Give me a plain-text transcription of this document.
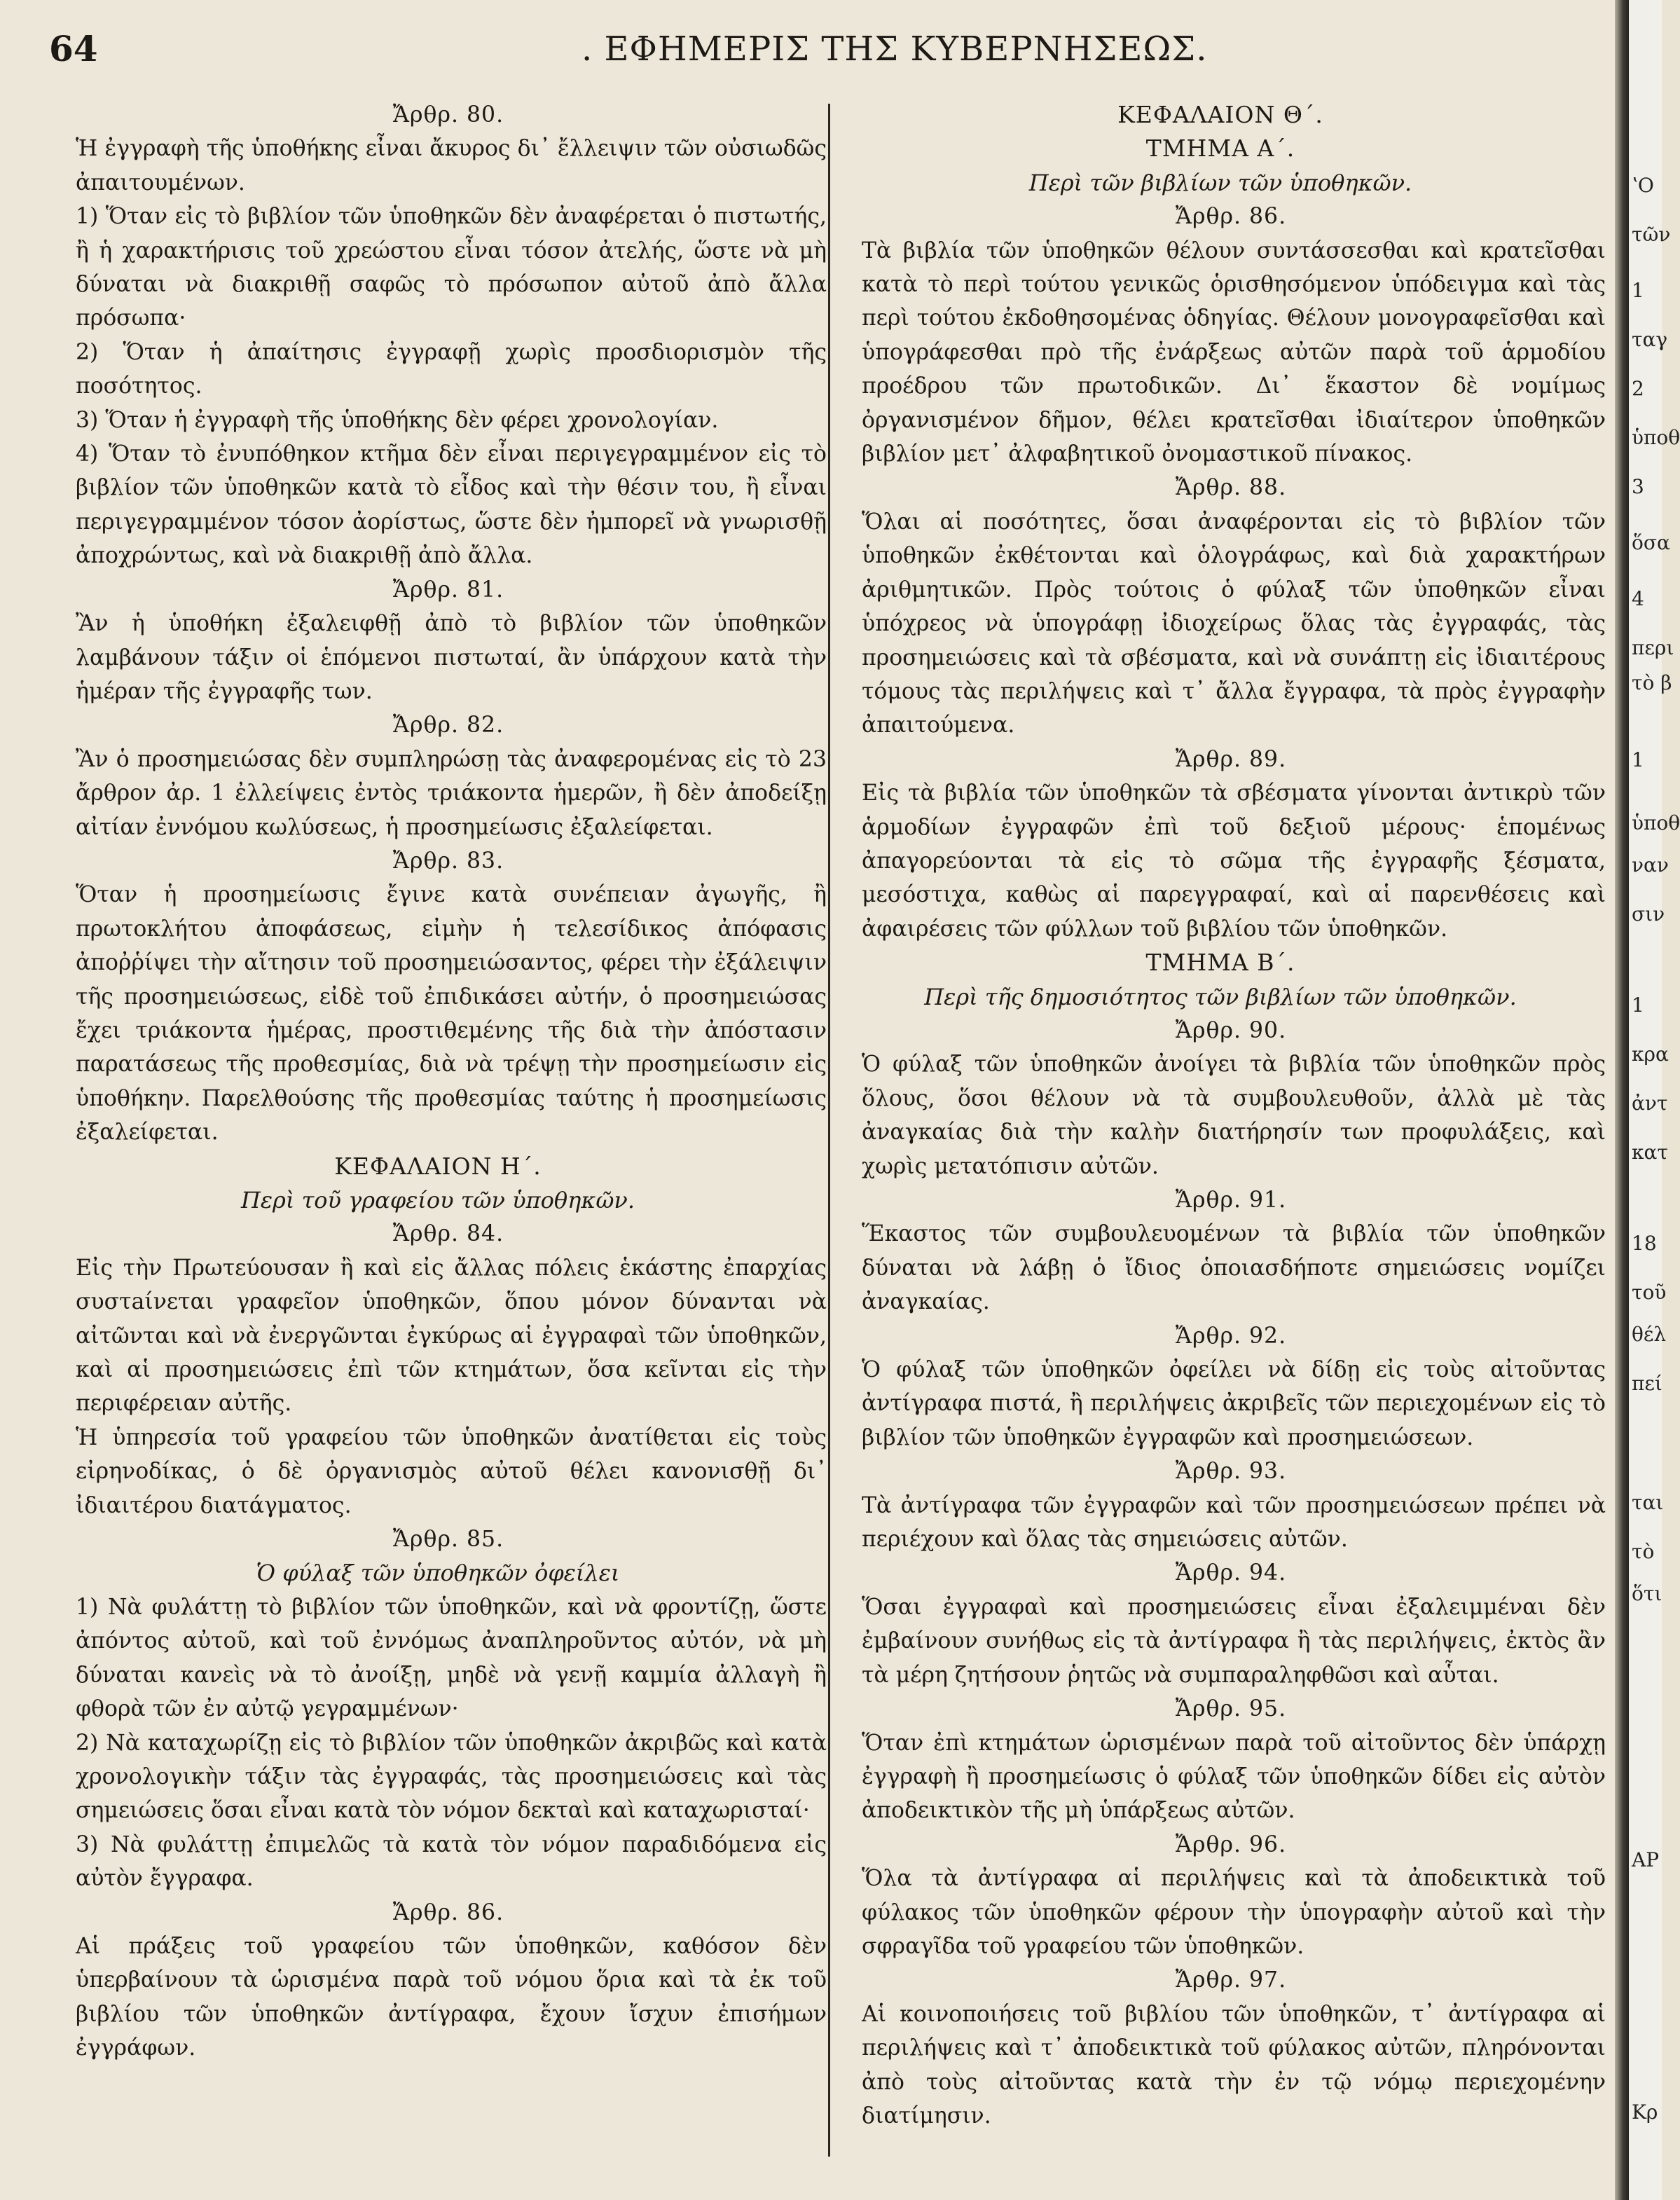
64	. ΕΦΗΜΕΡΙΣ ΤΗΣ ΚΥΒΕΡΝΗΣΕΩΣ.

Ἄρθρ. 80.

Ἡ ἐγγραφὴ τῆς ὑποθήκης εἶναι ἄκυρος δι᾽ ἔλλειψιν τῶν οὐσιωδῶς ἀπαιτουμένων.

1) Ὅταν εἰς τὸ βιβλίον τῶν ὑποθηκῶν δὲν ἀναφέρεται ὁ πιστωτής, ἢ ἡ χαρακτήρισις τοῦ χρεώστου εἶναι τόσον ἀτελής, ὥστε νὰ μὴ δύναται νὰ διακριθῇ σαφῶς τὸ πρόσωπον αὐτοῦ ἀπὸ ἄλλα πρόσωπα·

2) Ὅταν ἡ ἀπαίτησις ἐγγραφῇ χωρὶς προσδιορισμὸν τῆς ποσότητος.

3) Ὅταν ἡ ἐγγραφὴ τῆς ὑποθήκης δὲν φέρει χρονολογίαν.

4) Ὅταν τὸ ἐνυπόθηκον κτῆμα δὲν εἶναι περιγεγραμμένον εἰς τὸ βιβλίον τῶν ὑποθηκῶν κατὰ τὸ εἶδος καὶ τὴν θέσιν του, ἢ εἶναι περιγεγραμμένον τόσον ἀορίστως, ὥστε δὲν ἠμπορεῖ νὰ γνωρισθῇ ἀποχρώντως, καὶ νὰ διακριθῇ ἀπὸ ἄλλα.

Ἄρθρ. 81.

Ἂν ἡ ὑποθήκη ἐξαλειφθῇ ἀπὸ τὸ βιβλίον τῶν ὑποθηκῶν λαμβάνουν τάξιν οἱ ἑπόμενοι πιστωταί, ἂν ὑπάρχουν κατὰ τὴν ἡμέραν τῆς ἐγγραφῆς των.

Ἄρθρ. 82.

Ἂν ὁ προσημειώσας δὲν συμπληρώσῃ τὰς ἀναφερομένας εἰς τὸ 23 ἄρθρον ἀρ. 1 ἐλλείψεις ἐντὸς τριάκοντα ἡμερῶν, ἢ δὲν ἀποδείξῃ αἰτίαν ἐννόμου κωλύσεως, ἡ προσημείωσις ἐξαλείφεται.

Ἄρθρ. 83.

Ὅταν ἡ προσημείωσις ἔγινε κατὰ συνέπειαν ἀγωγῆς, ἢ πρωτοκλήτου ἀποφάσεως, εἰμὴν ἡ τελεσίδικος ἀπόφασις ἀποῤῥίψει τὴν αἴτησιν τοῦ προσημειώσαντος, φέρει τὴν ἐξάλειψιν τῆς προσημειώσεως, εἰδὲ τοῦ ἐπιδικάσει αὐτήν, ὁ προσημειώσας ἔχει τριάκοντα ἡμέρας, προστιθεμένης τῆς διὰ τὴν ἀπόστασιν παρατάσεως τῆς προθεσμίας, διὰ νὰ τρέψῃ τὴν προσημείωσιν εἰς ὑποθήκην. Παρελθούσης τῆς προθεσμίας ταύτης ἡ προσημείωσις ἐξαλείφεται.

ΚΕΦΑΛΑΙΟΝ Η΄.

Περὶ τοῦ γραφείου τῶν ὑποθηκῶν.

Ἄρθρ. 84.

Εἰς τὴν Πρωτεύουσαν ἢ καὶ εἰς ἄλλας πόλεις ἑκάστης ἐπαρχίας συστaίνεται γραφεῖον ὑποθηκῶν, ὅπου μόνον δύνανται νὰ αἰτῶνται καὶ νὰ ἐνεργῶνται ἐγκύρως αἱ ἐγγραφαὶ τῶν ὑποθηκῶν, καὶ αἱ προσημειώσεις ἐπὶ τῶν κτημάτων, ὅσα κεῖνται εἰς τὴν περιφέρειαν αὐτῆς.

Ἡ ὑπηρεσία τοῦ γραφείου τῶν ὑποθηκῶν ἀνατίθεται εἰς τοὺς εἰρηνοδίκας, ὁ δὲ ὀργανισμὸς αὐτοῦ θέλει κανονισθῇ δι᾽ ἰδιαιτέρου διατάγματος.

Ἄρθρ. 85.

Ὁ φύλαξ τῶν ὑποθηκῶν ὀφείλει

1) Νὰ φυλάττῃ τὸ βιβλίον τῶν ὑποθηκῶν, καὶ νὰ φροντίζῃ, ὥστε ἀπόντος αὐτοῦ, καὶ τοῦ ἐννόμως ἀναπληροῦντος αὐτόν, νὰ μὴ δύναται κανεὶς νὰ τὸ ἀνοίξῃ, μηδὲ νὰ γενῇ καμμία ἀλλαγὴ ἢ φθορὰ τῶν ἐν αὐτῷ γεγραμμένων·

2) Νὰ καταχωρίζῃ εἰς τὸ βιβλίον τῶν ὑποθηκῶν ἀκριβῶς καὶ κατὰ χρονολογικὴν τάξιν τὰς ἐγγραφάς, τὰς προσημειώσεις καὶ τὰς σημειώσεις ὅσαι εἶναι κατὰ τὸν νόμον δεκταὶ καὶ καταχωρισταί·

3) Νὰ φυλάττῃ ἐπιμελῶς τὰ κατὰ τὸν νόμον παραδιδόμενα εἰς αὐτὸν ἔγγραφα.

Ἄρθρ. 86.

Αἱ πράξεις τοῦ γραφείου τῶν ὑποθηκῶν, καθόσον δὲν ὑπερβαίνουν τὰ ὡρισμένα παρὰ τοῦ νόμου ὅρια καὶ τὰ ἐκ τοῦ βιβλίου τῶν ὑποθηκῶν ἀντίγραφα, ἔχουν ἴσχυν ἐπισήμων ἐγγράφων.

ΚΕΦΑΛΑΙΟΝ Θ΄.

ΤΜΗΜΑ Α΄.

Περὶ τῶν βιβλίων τῶν ὑποθηκῶν.

Ἄρθρ. 86.

Τὰ βιβλία τῶν ὑποθηκῶν θέλουν συντάσσεσθαι καὶ κρατεῖσθαι κατὰ τὸ περὶ τούτου γενικῶς ὁρισθησόμενον ὑπόδειγμα καὶ τὰς περὶ τούτου ἐκδοθησομένας ὁδηγίας. Θέλουν μονογραφεῖσθαι καὶ ὑπογράφεσθαι πρὸ τῆς ἐνάρξεως αὐτῶν παρὰ τοῦ ἁρμοδίου προέδρου τῶν πρωτοδικῶν. Δι᾽ ἕκαστον δὲ νομίμως ὀργανισμένον δῆμον, θέλει κρατεῖσθαι ἰδιαίτερον ὑποθηκῶν βιβλίον μετ᾽ ἀλφαβητικοῦ ὀνομαστικοῦ πίνακος.

Ἄρθρ. 88.

Ὅλαι αἱ ποσότητες, ὅσαι ἀναφέρονται εἰς τὸ βιβλίον τῶν ὑποθηκῶν ἐκθέτονται καὶ ὁλογράφως, καὶ διὰ χαρακτήρων ἀριθμητικῶν. Πρὸς τούτοις ὁ φύλαξ τῶν ὑποθηκῶν εἶναι ὑπόχρεος νὰ ὑπογράφῃ ἰδιοχείρως ὅλας τὰς ἐγγραφάς, τὰς προσημειώσεις καὶ τὰ σβέσματα, καὶ νὰ συνάπτῃ εἰς ἰδιαιτέρους τόμους τὰς περιλήψεις καὶ τ᾽ ἄλλα ἔγγραφα, τὰ πρὸς ἐγγραφὴν ἀπαιτούμενα.

Ἄρθρ. 89.

Εἰς τὰ βιβλία τῶν ὑποθηκῶν τὰ σβέσματα γίνονται ἀντικρὺ τῶν ἁρμοδίων ἐγγραφῶν ἐπὶ τοῦ δεξιοῦ μέρους· ἑπομένως ἀπαγορεύονται τὰ εἰς τὸ σῶμα τῆς ἐγγραφῆς ξέσματα, μεσόστιχα, καθὼς αἱ παρεγγραφαί, καὶ αἱ παρενθέσεις καὶ ἀφαιρέσεις τῶν φύλλων τοῦ βιβλίου τῶν ὑποθηκῶν.

ΤΜΗΜΑ Β΄.

Περὶ τῆς δημοσιότητος τῶν βιβλίων τῶν ὑποθηκῶν.

Ἄρθρ. 90.

Ὁ φύλαξ τῶν ὑποθηκῶν ἀνοίγει τὰ βιβλία τῶν ὑποθηκῶν πρὸς ὅλους, ὅσοι θέλουν νὰ τὰ συμβουλευθοῦν, ἀλλὰ μὲ τὰς ἀναγκαίας διὰ τὴν καλὴν διατήρησίν των προφυλάξεις, καὶ χωρὶς μετατόπισιν αὐτῶν.

Ἄρθρ. 91.

Ἕκαστος τῶν συμβουλευομένων τὰ βιβλία τῶν ὑποθηκῶν δύναται νὰ λάβῃ ὁ ἴδιος ὁποιασδήποτε σημειώσεις νομίζει ἀναγκαίας.

Ἄρθρ. 92.

Ὁ φύλαξ τῶν ὑποθηκῶν ὀφείλει νὰ δίδῃ εἰς τοὺς αἰτοῦντας ἀντίγραφα πιστά, ἢ περιλήψεις ἀκριβεῖς τῶν περιεχομένων εἰς τὸ βιβλίον τῶν ὑποθηκῶν ἐγγραφῶν καὶ προσημειώσεων.

Ἄρθρ. 93.

Τὰ ἀντίγραφα τῶν ἐγγραφῶν καὶ τῶν προσημειώσεων πρέπει νὰ περιέχουν καὶ ὅλας τὰς σημειώσεις αὐτῶν.

Ἄρθρ. 94.

Ὅσαι ἐγγραφαὶ καὶ προσημειώσεις εἶναι ἐξαλειμμέναι δὲν ἐμβαίνουν συνήθως εἰς τὰ ἀντίγραφα ἢ τὰς περιλήψεις, ἐκτὸς ἂν τὰ μέρη ζητήσουν ῥητῶς νὰ συμπαραληφθῶσι καὶ αὗται.

Ἄρθρ. 95.

Ὅταν ἐπὶ κτημάτων ὡρισμένων παρὰ τοῦ αἰτοῦντος δὲν ὑπάρχῃ ἐγγραφὴ ἢ προσημείωσις ὁ φύλαξ τῶν ὑποθηκῶν δίδει εἰς αὐτὸν ἀποδεικτικὸν τῆς μὴ ὑπάρξεως αὐτῶν.

Ἄρθρ. 96.

Ὅλα τὰ ἀντίγραφα αἱ περιλήψεις καὶ τὰ ἀποδεικτικὰ τοῦ φύλακος τῶν ὑποθηκῶν φέρουν τὴν ὑπογραφὴν αὐτοῦ καὶ τὴν σφραγῖδα τοῦ γραφείου τῶν ὑποθηκῶν.

Ἄρθρ. 97.

Αἱ κοινοποιήσεις τοῦ βιβλίου τῶν ὑποθηκῶν, τ᾽ ἀντίγραφα αἱ περιλήψεις καὶ τ᾽ ἀποδεικτικὰ τοῦ φύλακος αὐτῶν, πληρόνονται ἀπὸ τοὺς αἰτοῦντας κατὰ τὴν ἐν τῷ νόμῳ περιεχομένην διατίμησιν.

ʽΟ
τῶν
1
ταγ
2
ὑποθ
3
ὅσα
4
περι
τὸ β
1
ὑποθ
ναν
σιν
1
κρα
ἀντ
κατ
18
τοῦ
θέλ
πεί
ται
τὸ
ὅτι
AP
Kρ
